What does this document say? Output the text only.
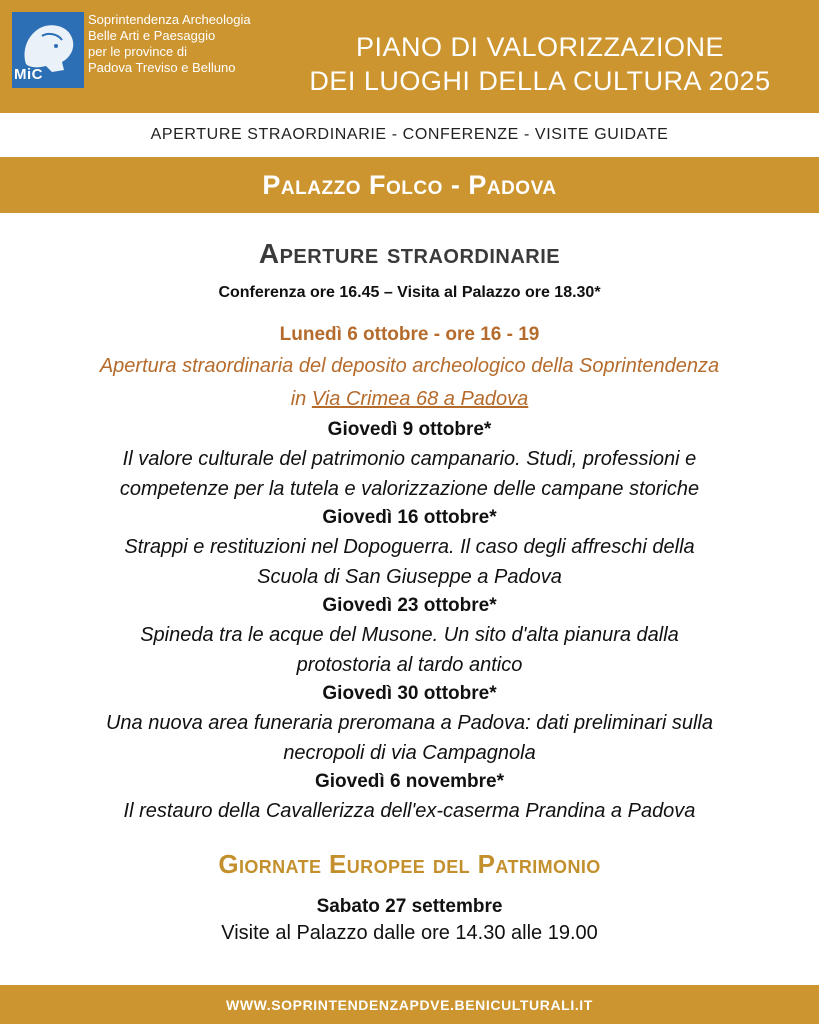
MiC
Soprintendenza Archeologia
Belle Arti e Paesaggio
per le province di
Padova Treviso e Belluno
PIANO DI VALORIZZAZIONE
DEI LUOGHI DELLA CULTURA 2025
APERTURE STRAORDINARIE - CONFERENZE - VISITE GUIDATE
Palazzo Folco - Padova
Aperture straordinarie
Conferenza ore 16.45 – Visita al Palazzo ore 18.30*
Lunedì 6 ottobre - ore 16 - 19
Apertura straordinaria del deposito archeologico della Soprintendenza
in Via Crimea 68 a Padova
Giovedì 9 ottobre*
Il valore culturale del patrimonio campanario. Studi, professioni e
competenze per la tutela e valorizzazione delle campane storiche
Giovedì 16 ottobre*
Strappi e restituzioni nel Dopoguerra. Il caso degli affreschi della
Scuola di San Giuseppe a Padova
Giovedì 23 ottobre*
Spineda tra le acque del Musone. Un sito d'alta pianura dalla
protostoria al tardo antico
Giovedì 30 ottobre*
Una nuova area funeraria preromana a Padova: dati preliminari sulla
necropoli di via Campagnola
Giovedì 6 novembre*
Il restauro della Cavallerizza dell'ex-caserma Prandina a Padova
Giornate Europee del Patrimonio
Sabato 27 settembre
Visite al Palazzo dalle ore 14.30 alle 19.00
WWW.SOPRINTENDENZAPDVE.BENICULTURALI.IT
